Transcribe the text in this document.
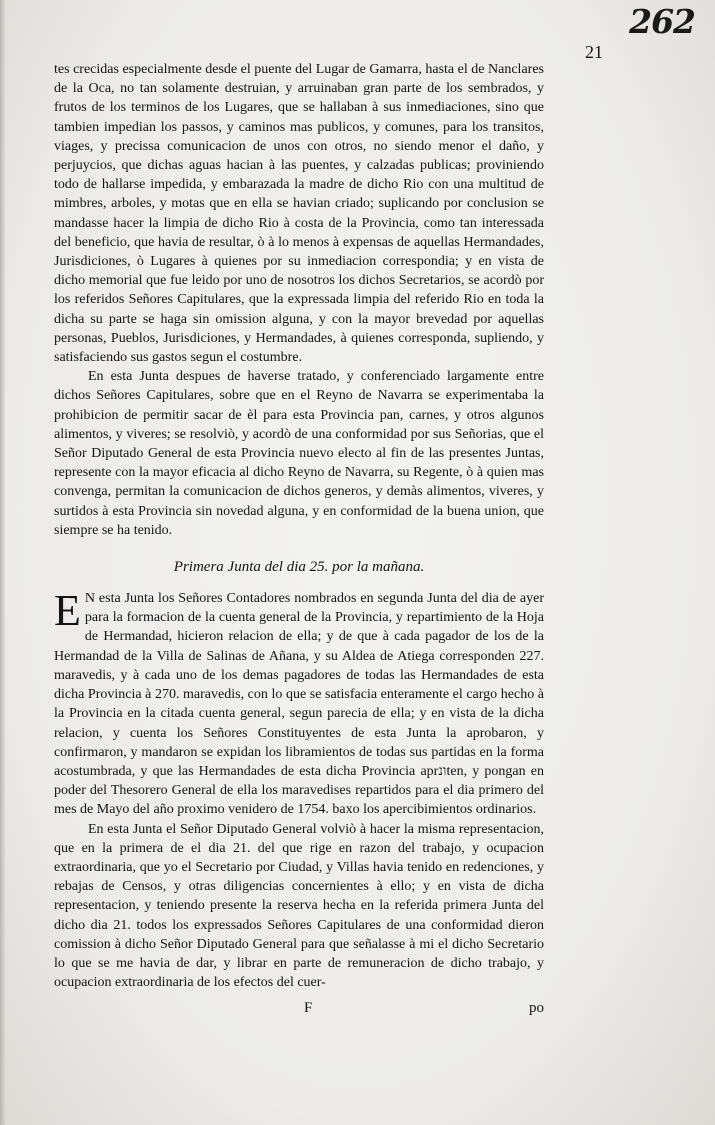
262
21

tes crecidas especialmente desde el puente del Lugar de Gamarra, hasta el de Nanclares de la Oca, no tan solamente destruian, y arruinaban gran parte de los sembrados, y frutos de los terminos de los Lugares, que se hallaban à sus inmediaciones, sino que tambien impedian los passos, y caminos mas publicos, y comunes, para los transitos, viages, y precissa comunicacion de unos con otros, no siendo menor el daño, y perjuycios, que dichas aguas hacian à las puentes, y calzadas publicas; proviniendo todo de hallarse impedida, y embarazada la madre de dicho Rio con una multitud de mimbres, arboles, y motas que en ella se havian criado; suplicando por conclusion se mandasse hacer la limpia de dicho Rio à costa de la Provincia, como tan interessada del beneficio, que havia de resultar, ò à lo menos à expensas de aquellas Hermandades, Jurisdiciones, ò Lugares à quienes por su inmediacion correspondia; y en vista de dicho memorial que fue leido por uno de nosotros los dichos Secretarios, se acordò por los referidos Señores Capitulares, que la expressada limpia del referido Rio en toda la dicha su parte se haga sin omission alguna, y con la mayor brevedad por aquellas personas, Pueblos, Jurisdiciones, y Hermandades, à quienes corresponda, supliendo, y satisfaciendo sus gastos segun el costumbre.

En esta Junta despues de haverse tratado, y conferenciado largamente entre dichos Señores Capitulares, sobre que en el Reyno de Navarra se experimentaba la prohibicion de permitir sacar de èl para esta Provincia pan, carnes, y otros algunos alimentos, y viveres; se resolviò, y acordò de una conformidad por sus Señorias, que el Señor Diputado General de esta Provincia nuevo electo al fin de las presentes Juntas, represente con la mayor eficacia al dicho Reyno de Navarra, su Regente, ò à quien mas convenga, permitan la comunicacion de dichos generos, y demàs alimentos, viveres, y surtidos à esta Provincia sin novedad alguna, y en conformidad de la buena union, que siempre se ha tenido.

Primera Junta del dia 25. por la mañana.

E N esta Junta los Señores Contadores nombrados en segunda Junta del dia de ayer para la formacion de la cuenta general de la Provincia, y repartimiento de la Hoja de Hermandad, hicieron relacion de ella; y de que à cada pagador de los de la Hermandad de la Villa de Salinas de Añana, y su Aldea de Atiega corresponden 227. maravedis, y à cada uno de los demas pagadores de todas las Hermandades de esta dicha Provincia à 270. maravedis, con lo que se satisfacia enteramente el cargo hecho à la Provincia en la citada cuenta general, segun parecia de ella; y en vista de la dicha relacion, y cuenta los Señores Constituyentes de esta Junta la aprobaron, y confirmaron, y mandaron se expidan los libramientos de todas sus partidas en la forma acostumbrada, y que las Hermandades de esta dicha Provincia aprונten, y pongan en poder del Thesorero General de ella los maravedises repartidos para el dia primero del mes de Mayo del año proximo venidero de 1754. baxo los apercibimientos ordinarios.

En esta Junta el Señor Diputado General volviò à hacer la misma representacion, que en la primera de el dia 21. del que rige en razon del trabajo, y ocupacion extraordinaria, que yo el Secretario por Ciudad, y Villas havia tenido en redenciones, y rebajas de Censos, y otras diligencias concernientes à ello; y en vista de dicha representacion, y teniendo presente la reserva hecha en la referida primera Junta del dicho dia 21. todos los expressados Señores Capitulares de una conformidad dieron comission à dicho Señor Diputado General para que señalasse à mi el dicho Secretario lo que se me havia de dar, y librar en parte de remuneracion de dicho trabajo, y ocupacion extraordinaria de los efectos del cuer-

F	po
